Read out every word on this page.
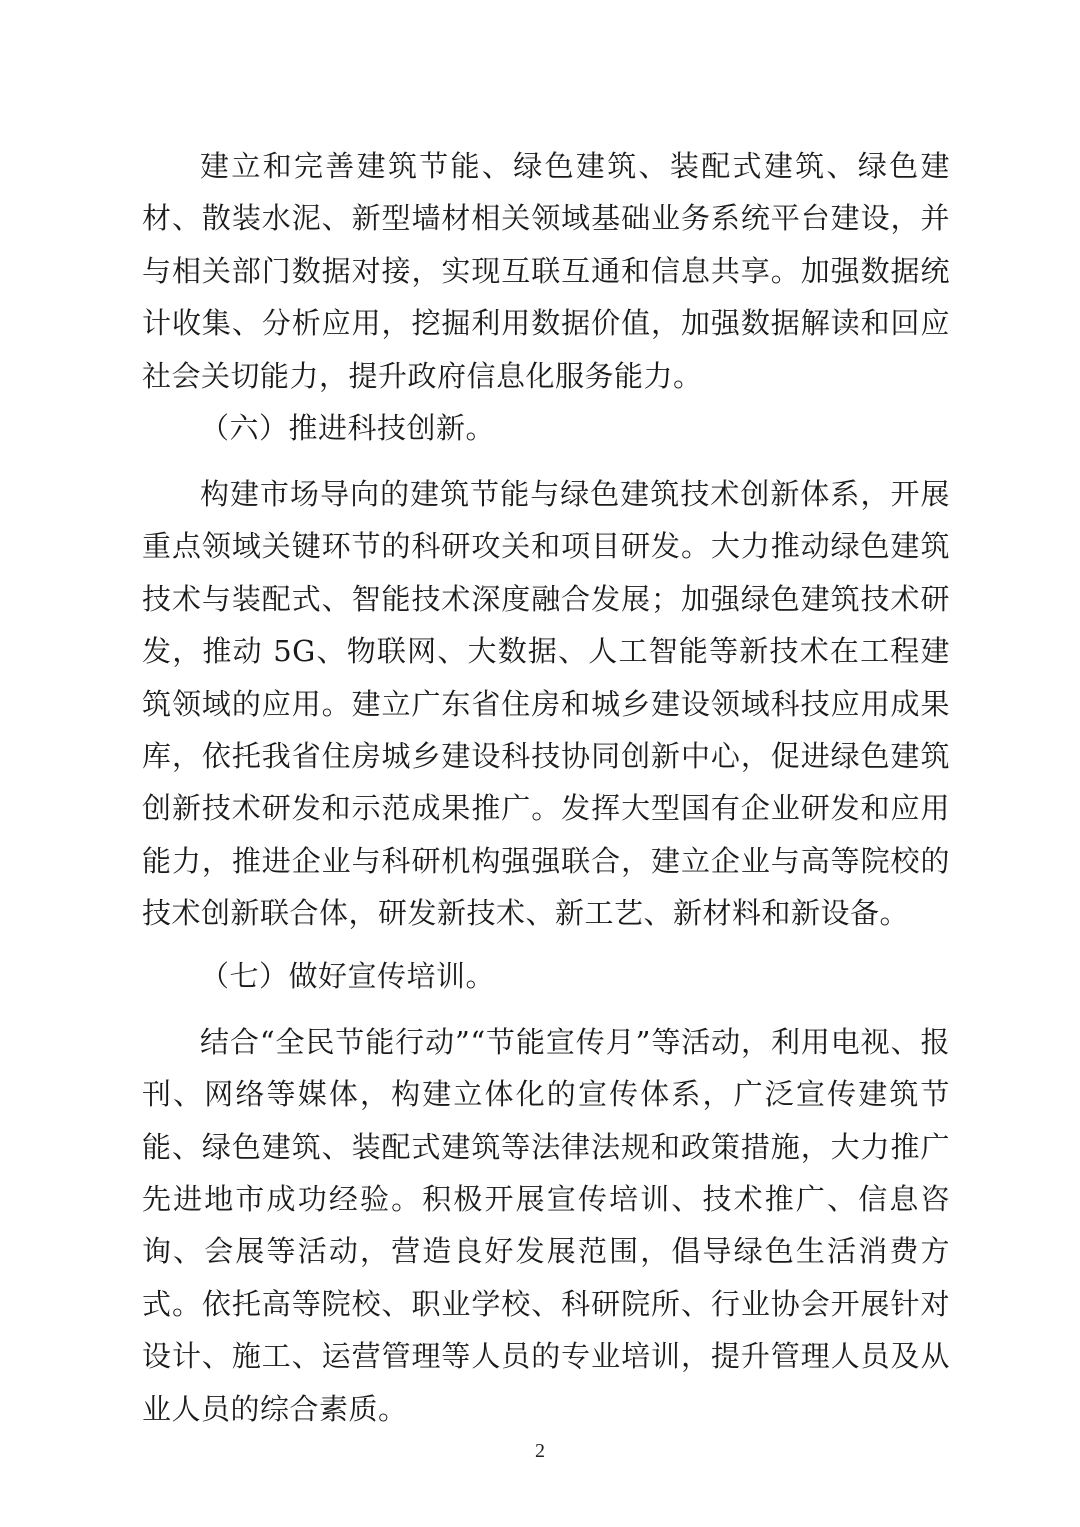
建立和完善建筑节能、绿色建筑、装配式建筑、绿色建材、散装水泥、新型墙材相关领域基础业务系统平台建设，并与相关部门数据对接，实现互联互通和信息共享。加强数据统计收集、分析应用，挖掘利用数据价值，加强数据解读和回应社会关切能力，提升政府信息化服务能力。

（六）推进科技创新。

构建市场导向的建筑节能与绿色建筑技术创新体系，开展重点领域关键环节的科研攻关和项目研发。大力推动绿色建筑技术与装配式、智能技术深度融合发展；加强绿色建筑技术研发，推动 5G、物联网、大数据、人工智能等新技术在工程建筑领域的应用。建立广东省住房和城乡建设领域科技应用成果库，依托我省住房城乡建设科技协同创新中心，促进绿色建筑创新技术研发和示范成果推广。发挥大型国有企业研发和应用能力，推进企业与科研机构强强联合，建立企业与高等院校的技术创新联合体，研发新技术、新工艺、新材料和新设备。

（七）做好宣传培训。

结合“全民节能行动”“节能宣传月”等活动，利用电视、报刊、网络等媒体，构建立体化的宣传体系，广泛宣传建筑节能、绿色建筑、装配式建筑等法律法规和政策措施，大力推广先进地市成功经验。积极开展宣传培训、技术推广、信息咨询、会展等活动，营造良好发展范围，倡导绿色生活消费方式。依托高等院校、职业学校、科研院所、行业协会开展针对设计、施工、运营管理等人员的专业培训，提升管理人员及从业人员的综合素质。

2
